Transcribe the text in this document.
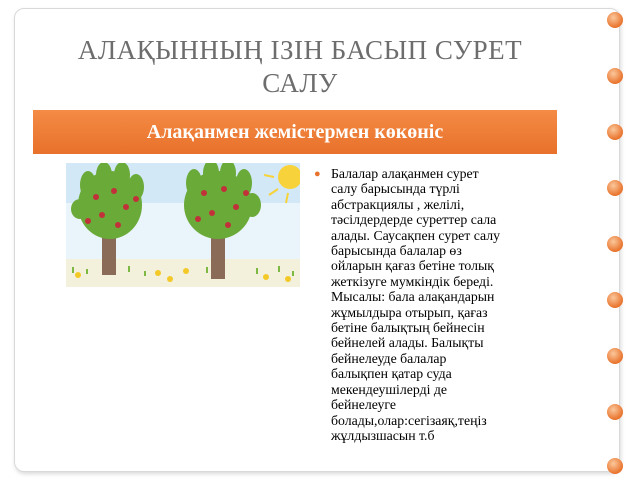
АЛАҚЫННЫҢ ІЗІН БАСЫП СУРЕТ
САЛУ
Алақанмен жемістермен көкөніс
● Балалар алақанмен сурет
салу барысында түрлі
абстракциялы , желілі,
тәсілдердерде суреттер сала
алады. Саусақпен сурет салу
барысында балалар өз
ойларын қағаз бетіне толық
жеткізуге мумкіндік береді.
Мысалы: бала алақандарын
жұмылдыра отырып, қағаз
бетіне балықтың бейнесін
бейнелей алады. Балықты
бейнелеуде балалар
балықпен қатар суда
мекендеушілерді де
бейнелеуге
болады,олар:сегізаяқ,теңіз
жұлдызшасын т.б
